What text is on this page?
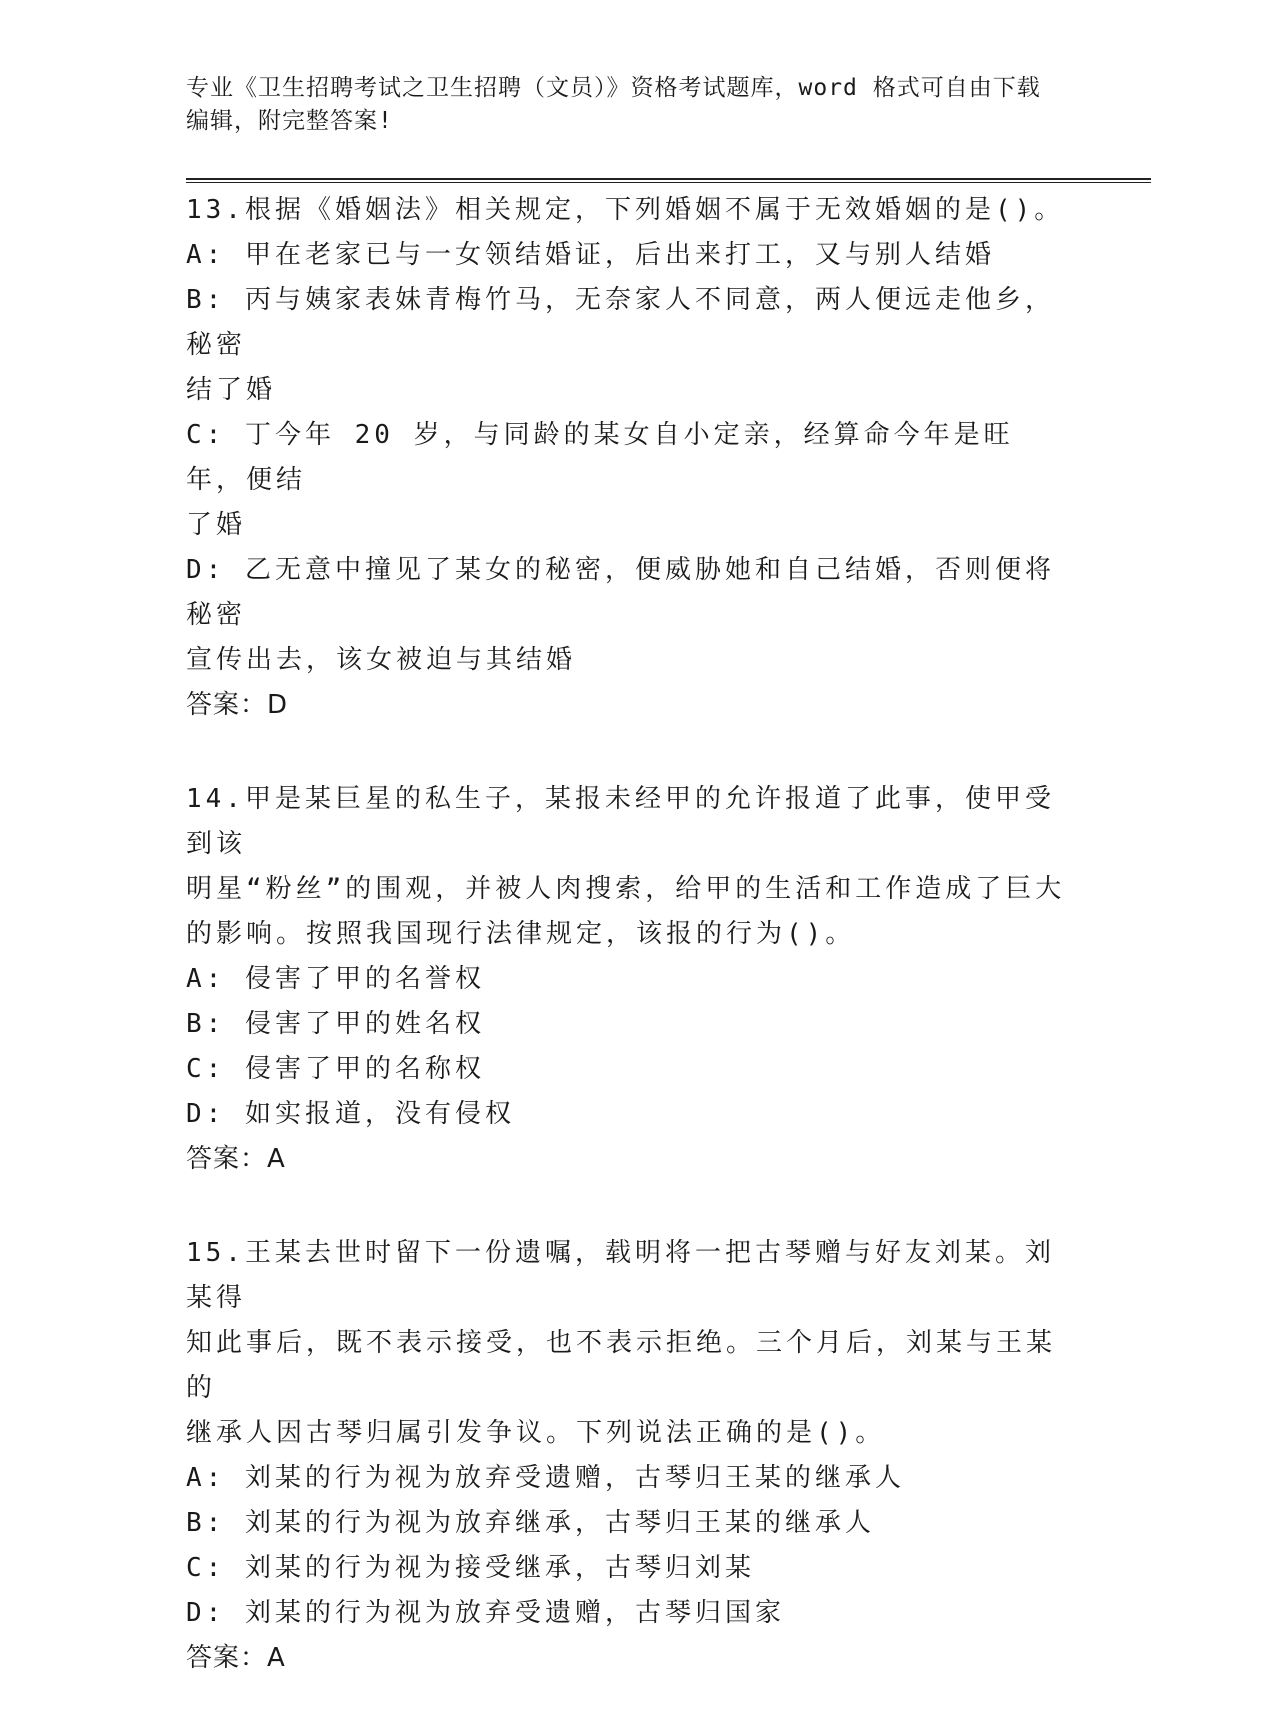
专业《卫生招聘考试之卫生招聘（文员）》资格考试题库，word 格式可自由下载
编辑，附完整答案!

13.根据《婚姻法》相关规定，下列婚姻不属于无效婚姻的是()。

A: 甲在老家已与一女领结婚证，后出来打工，又与别人结婚

B: 丙与姨家表妹青梅竹马，无奈家人不同意，两人便远走他乡，秘密

结了婚

C: 丁今年 20 岁，与同龄的某女自小定亲，经算命今年是旺年，便结

了婚

D: 乙无意中撞见了某女的秘密，便威胁她和自己结婚，否则便将秘密

宣传出去，该女被迫与其结婚

答案：D

14.甲是某巨星的私生子，某报未经甲的允许报道了此事，使甲受到该

明星“粉丝”的围观，并被人肉搜索，给甲的生活和工作造成了巨大

的影响。按照我国现行法律规定，该报的行为()。

A: 侵害了甲的名誉权

B: 侵害了甲的姓名权

C: 侵害了甲的名称权

D: 如实报道，没有侵权

答案：A

15.王某去世时留下一份遗嘱，载明将一把古琴赠与好友刘某。刘某得

知此事后，既不表示接受，也不表示拒绝。三个月后，刘某与王某的

继承人因古琴归属引发争议。下列说法正确的是()。

A: 刘某的行为视为放弃受遗赠，古琴归王某的继承人

B: 刘某的行为视为放弃继承，古琴归王某的继承人

C: 刘某的行为视为接受继承，古琴归刘某

D: 刘某的行为视为放弃受遗赠，古琴归国家

答案：A
